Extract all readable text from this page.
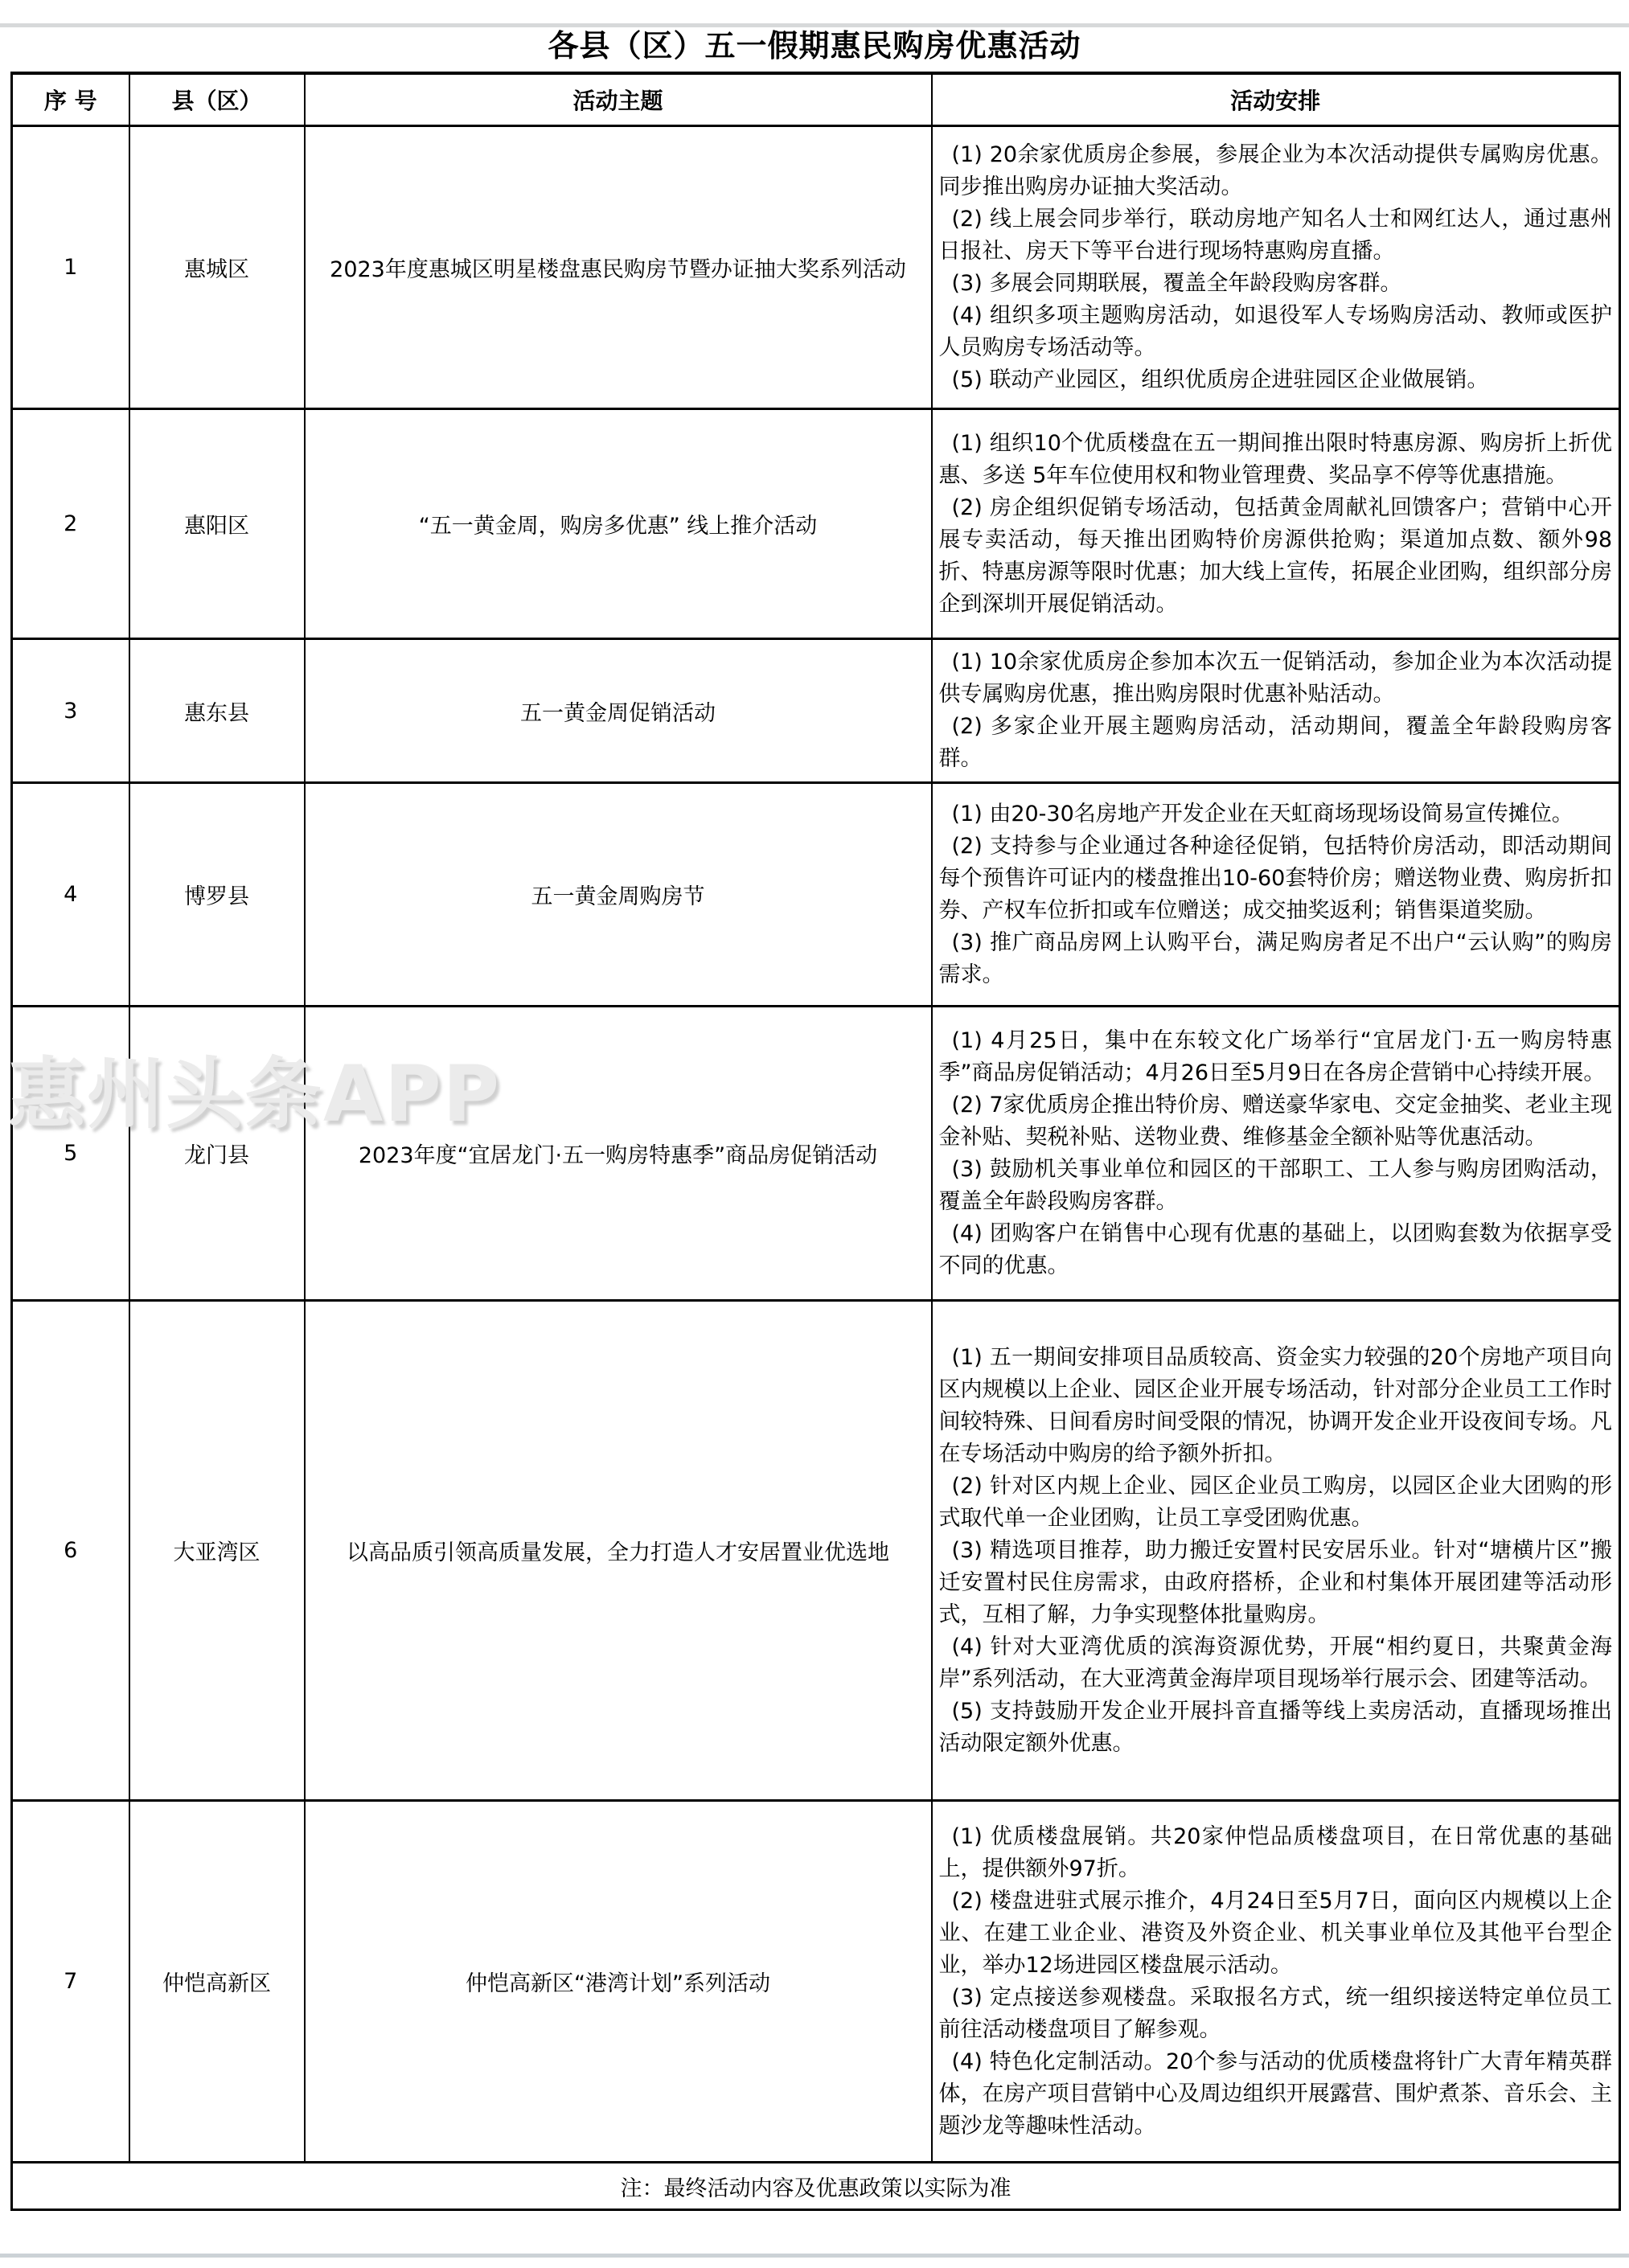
各县（区）五一假期惠民购房优惠活动
序 号	县（区）	活动主题	活动安排
1	惠城区	2023年度惠城区明星楼盘惠民购房节暨办证抽大奖系列活动	(1) 20余家优质房企参展，参展企业为本次活动提供专属购房优惠。同步推出购房办证抽大奖活动。

(2) 线上展会同步举行，联动房地产知名人士和网红达人，通过惠州日报社、房天下等平台进行现场特惠购房直播。

(3) 多展会同期联展，覆盖全年龄段购房客群。

(4) 组织多项主题购房活动，如退役军人专场购房活动、教师或医护人员购房专场活动等。

(5) 联动产业园区，组织优质房企进驻园区企业做展销。

2	惠阳区	“五一黄金周，购房多优惠” 线上推介活动	(1) 组织10个优质楼盘在五一期间推出限时特惠房源、购房折上折优惠、多送 5年车位使用权和物业管理费、奖品享不停等优惠措施。

(2) 房企组织促销专场活动，包括黄金周献礼回馈客户；营销中心开展专卖活动，每天推出团购特价房源供抢购；渠道加点数、额外98折、特惠房源等限时优惠；加大线上宣传，拓展企业团购，组织部分房企到深圳开展促销活动。

3	惠东县	五一黄金周促销活动	(1) 10余家优质房企参加本次五一促销活动，参加企业为本次活动提供专属购房优惠，推出购房限时优惠补贴活动。

(2) 多家企业开展主题购房活动，活动期间，覆盖全年龄段购房客群。

4	博罗县	五一黄金周购房节	(1) 由20-30名房地产开发企业在天虹商场现场设简易宣传摊位。

(2) 支持参与企业通过各种途径促销，包括特价房活动，即活动期间每个预售许可证内的楼盘推出10-60套特价房；赠送物业费、购房折扣券、产权车位折扣或车位赠送；成交抽奖返利；销售渠道奖励。

(3) 推广商品房网上认购平台，满足购房者足不出户“云认购”的购房需求。

5	龙门县	2023年度“宜居龙门·五一购房特惠季”商品房促销活动	(1) 4月25日，集中在东较文化广场举行“宜居龙门·五一购房特惠季”商品房促销活动；4月26日至5月9日在各房企营销中心持续开展。

(2) 7家优质房企推出特价房、赠送豪华家电、交定金抽奖、老业主现金补贴、契税补贴、送物业费、维修基金全额补贴等优惠活动。

(3) 鼓励机关事业单位和园区的干部职工、工人参与购房团购活动，覆盖全年龄段购房客群。

(4) 团购客户在销售中心现有优惠的基础上，以团购套数为依据享受不同的优惠。

6	大亚湾区	以高品质引领高质量发展，全力打造人才安居置业优选地	(1) 五一期间安排项目品质较高、资金实力较强的20个房地产项目向区内规模以上企业、园区企业开展专场活动，针对部分企业员工工作时间较特殊、日间看房时间受限的情况，协调开发企业开设夜间专场。凡在专场活动中购房的给予额外折扣。

(2) 针对区内规上企业、园区企业员工购房，以园区企业大团购的形式取代单一企业团购，让员工享受团购优惠。

(3) 精选项目推荐，助力搬迁安置村民安居乐业。针对“塘横片区”搬迁安置村民住房需求，由政府搭桥，企业和村集体开展团建等活动形式，互相了解，力争实现整体批量购房。

(4) 针对大亚湾优质的滨海资源优势，开展“相约夏日，共聚黄金海岸”系列活动，在大亚湾黄金海岸项目现场举行展示会、团建等活动。

(5) 支持鼓励开发企业开展抖音直播等线上卖房活动，直播现场推出活动限定额外优惠。

7	仲恺高新区	仲恺高新区“港湾计划”系列活动	(1) 优质楼盘展销。共20家仲恺品质楼盘项目，在日常优惠的基础上，提供额外97折。

(2) 楼盘进驻式展示推介，4月24日至5月7日，面向区内规模以上企业、在建工业企业、港资及外资企业、机关事业单位及其他平台型企业，举办12场进园区楼盘展示活动。

(3) 定点接送参观楼盘。采取报名方式，统一组织接送特定单位员工前往活动楼盘项目了解参观。

(4) 特色化定制活动。20个参与活动的优质楼盘将针广大青年精英群体，在房产项目营销中心及周边组织开展露营、围炉煮茶、音乐会、主题沙龙等趣味性活动。

注：最终活动内容及优惠政策以实际为准			
惠州头条APP
